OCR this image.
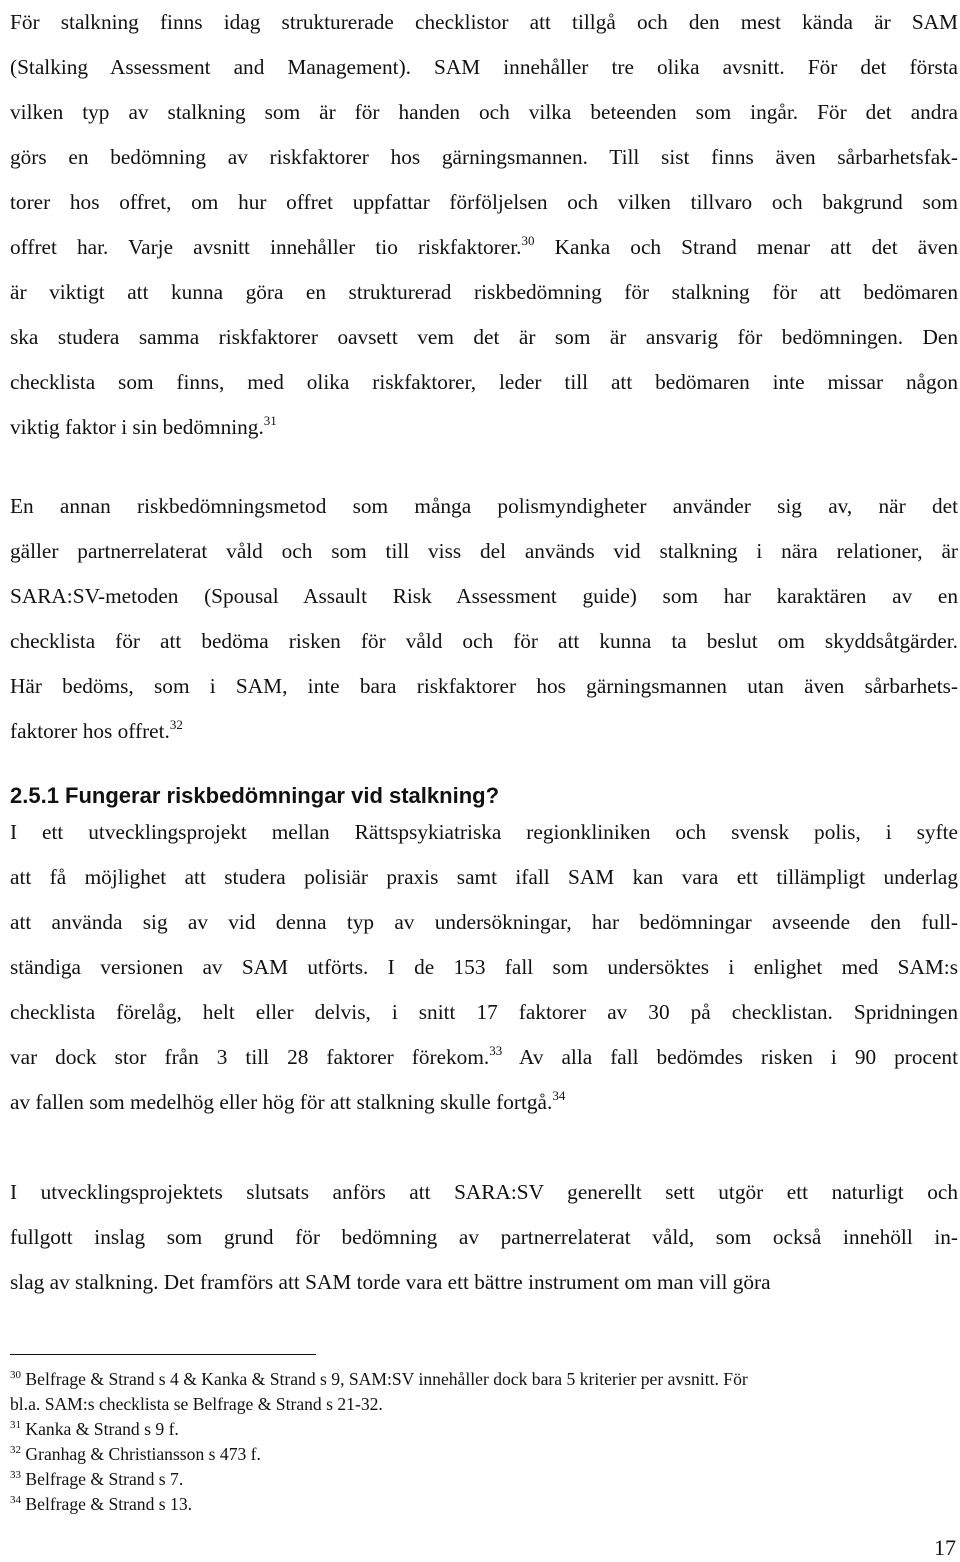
För stalkning finns idag strukturerade checklistor att tillgå och den mest kända är SAM
(Stalking Assessment and Management). SAM innehåller tre olika avsnitt. För det första
vilken typ av stalkning som är för handen och vilka beteenden som ingår. För det andra
görs en bedömning av riskfaktorer hos gärningsmannen. Till sist finns även sårbarhetsfak-
torer hos offret, om hur offret uppfattar förföljelsen och vilken tillvaro och bakgrund som
offret har. Varje avsnitt innehåller tio riskfaktorer.$^{30}$ Kanka och Strand menar att det även
är viktigt att kunna göra en strukturerad riskbedömning för stalkning för att bedömaren
ska studera samma riskfaktorer oavsett vem det är som är ansvarig för bedömningen. Den
checklista som finns, med olika riskfaktorer, leder till att bedömaren inte missar någon
viktig faktor i sin bedömning.$^{31}$
En annan riskbedömningsmetod som många polismyndigheter använder sig av, när det
gäller partnerrelaterat våld och som till viss del används vid stalkning i nära relationer, är
SARA:SV-metoden (Spousal Assault Risk Assessment guide) som har karaktären av en
checklista för att bedöma risken för våld och för att kunna ta beslut om skyddsåtgärder.
Här bedöms, som i SAM, inte bara riskfaktorer hos gärningsmannen utan även sårbarhets-
faktorer hos offret.$^{32}$
2.5.1 Fungerar riskbedömningar vid stalkning?
I ett utvecklingsprojekt mellan Rättspsykiatriska regionkliniken och svensk polis, i syfte
att få möjlighet att studera polisiär praxis samt ifall SAM kan vara ett tillämpligt underlag
att använda sig av vid denna typ av undersökningar, har bedömningar avseende den full-
ständiga versionen av SAM utförts. I de 153 fall som undersöktes i enlighet med SAM:s
checklista förelåg, helt eller delvis, i snitt 17 faktorer av 30 på checklistan. Spridningen
var dock stor från 3 till 28 faktorer förekom.$^{33}$ Av alla fall bedömdes risken i 90 procent
av fallen som medelhög eller hög för att stalkning skulle fortgå.$^{34}$
I utvecklingsprojektets slutsats anförs att SARA:SV generellt sett utgör ett naturligt och
fullgott inslag som grund för bedömning av partnerrelaterat våld, som också innehöll in-
slag av stalkning. Det framförs att SAM torde vara ett bättre instrument om man vill göra
$^{30}$ Belfrage & Strand s 4 & Kanka & Strand s 9, SAM:SV innehåller dock bara 5 kriterier per avsnitt. För
bl.a. SAM:s checklista se Belfrage & Strand s 21-32.
$^{31}$ Kanka & Strand s 9 f.
$^{32}$ Granhag & Christiansson s 473 f.
$^{33}$ Belfrage & Strand s 7.
$^{34}$ Belfrage & Strand s 13.
17
